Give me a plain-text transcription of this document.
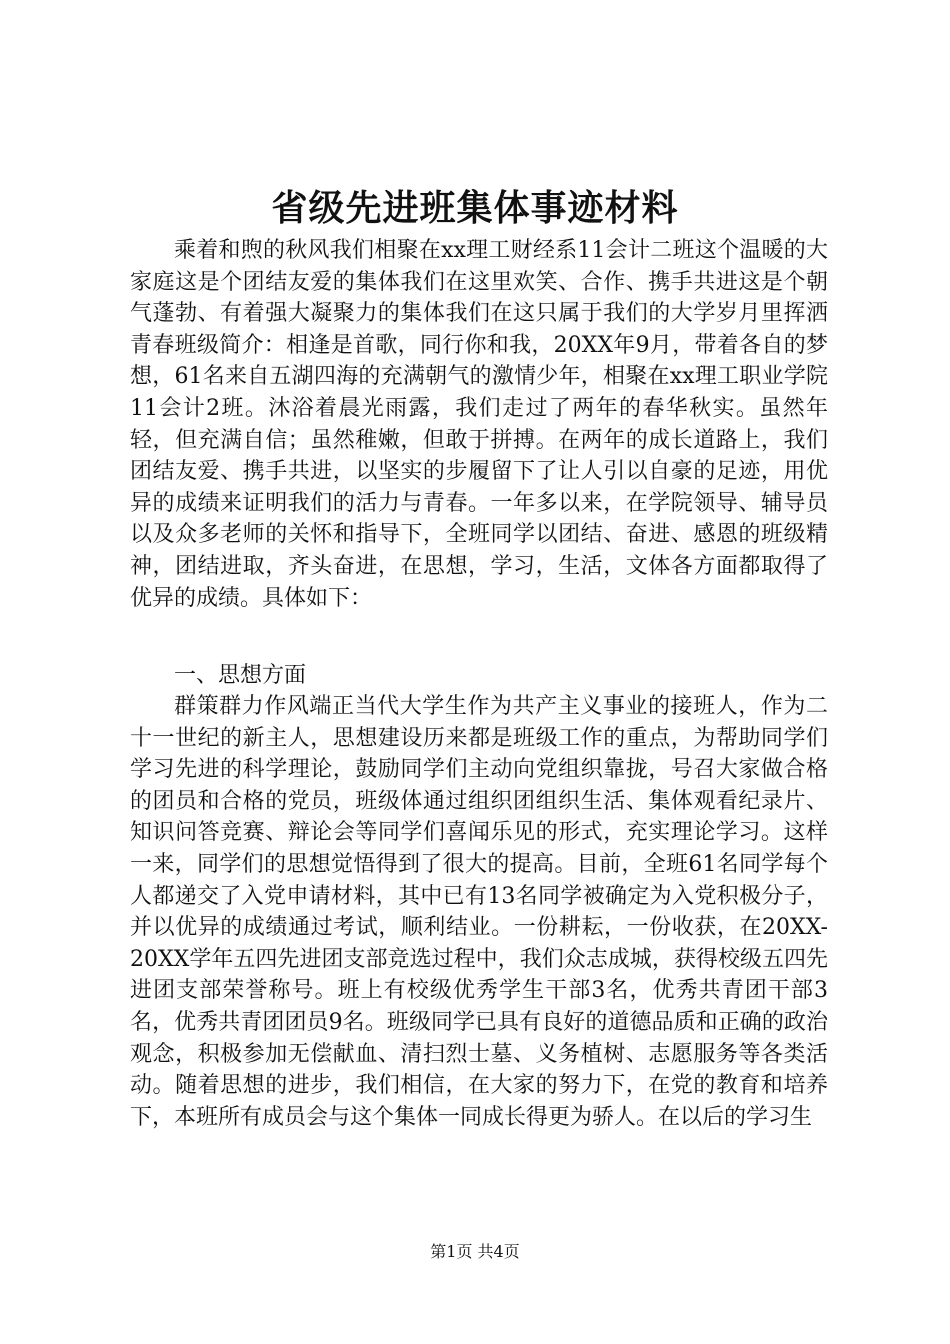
省级先进班集体事迹材料

乘着和煦的秋风我们相聚在xx理工财经系11会计二班这个温暖的大家庭这是个团结友爱的集体我们在这里欢笑、合作、携手共进这是个朝气蓬勃、有着强大凝聚力的集体我们在这只属于我们的大学岁月里挥洒青春班级简介：相逢是首歌，同行你和我，20XX年9月，带着各自的梦想，61名来自五湖四海的充满朝气的激情少年，相聚在xx理工职业学院11会计2班。沐浴着晨光雨露，我们走过了两年的春华秋实。虽然年轻，但充满自信；虽然稚嫩，但敢于拼搏。在两年的成长道路上，我们团结友爱、携手共进，以坚实的步履留下了让人引以自豪的足迹，用优异的成绩来证明我们的活力与青春。一年多以来，在学院领导、辅导员以及众多老师的关怀和指导下，全班同学以团结、奋进、感恩的班级精神，团结进取，齐头奋进，在思想，学习，生活，文体各方面都取得了优异的成绩。具体如下：

一、思想方面

群策群力作风端正当代大学生作为共产主义事业的接班人，作为二十一世纪的新主人，思想建设历来都是班级工作的重点，为帮助同学们学习先进的科学理论，鼓励同学们主动向党组织靠拢，号召大家做合格的团员和合格的党员，班级体通过组织团组织生活、集体观看纪录片、知识问答竞赛、辩论会等同学们喜闻乐见的形式，充实理论学习。这样一来，同学们的思想觉悟得到了很大的提高。目前，全班61名同学每个人都递交了入党申请材料，其中已有13名同学被确定为入党积极分子，并以优异的成绩通过考试，顺利结业。一份耕耘，一份收获，在20XX-20XX学年五四先进团支部竞选过程中，我们众志成城，获得校级五四先进团支部荣誉称号。班上有校级优秀学生干部3名，优秀共青团干部3名，优秀共青团团员9名。班级同学已具有良好的道德品质和正确的政治观念，积极参加无偿献血、清扫烈士墓、义务植树、志愿服务等各类活动。随着思想的进步，我们相信，在大家的努力下，在党的教育和培养下，本班所有成员会与这个集体一同成长得更为骄人。在以后的学习生

第1页 共4页
